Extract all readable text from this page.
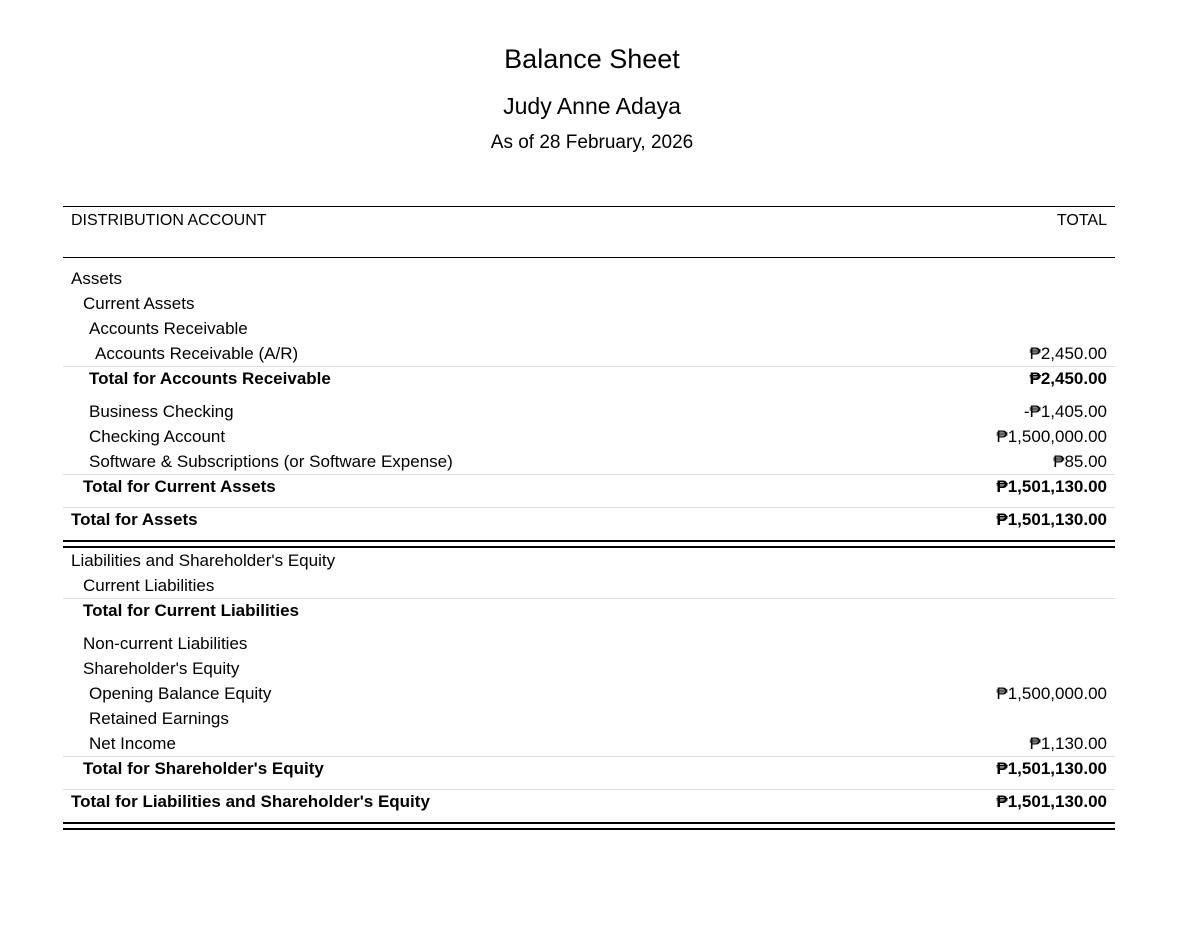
Balance Sheet
Judy Anne Adaya
As of 28 February, 2026
DISTRIBUTION ACCOUNT	TOTAL
Assets
Current Assets
Accounts Receivable
Accounts Receivable (A/R)	₱2,450.00
Total for Accounts Receivable	₱2,450.00
Business Checking	-₱1,405.00
Checking Account	₱1,500,000.00
Software & Subscriptions (or Software Expense)	₱85.00
Total for Current Assets	₱1,501,130.00
Total for Assets	₱1,501,130.00
Liabilities and Shareholder's Equity
Current Liabilities
Total for Current Liabilities
Non-current Liabilities
Shareholder's Equity
Opening Balance Equity	₱1,500,000.00
Retained Earnings
Net Income	₱1,130.00
Total for Shareholder's Equity	₱1,501,130.00
Total for Liabilities and Shareholder's Equity	₱1,501,130.00
